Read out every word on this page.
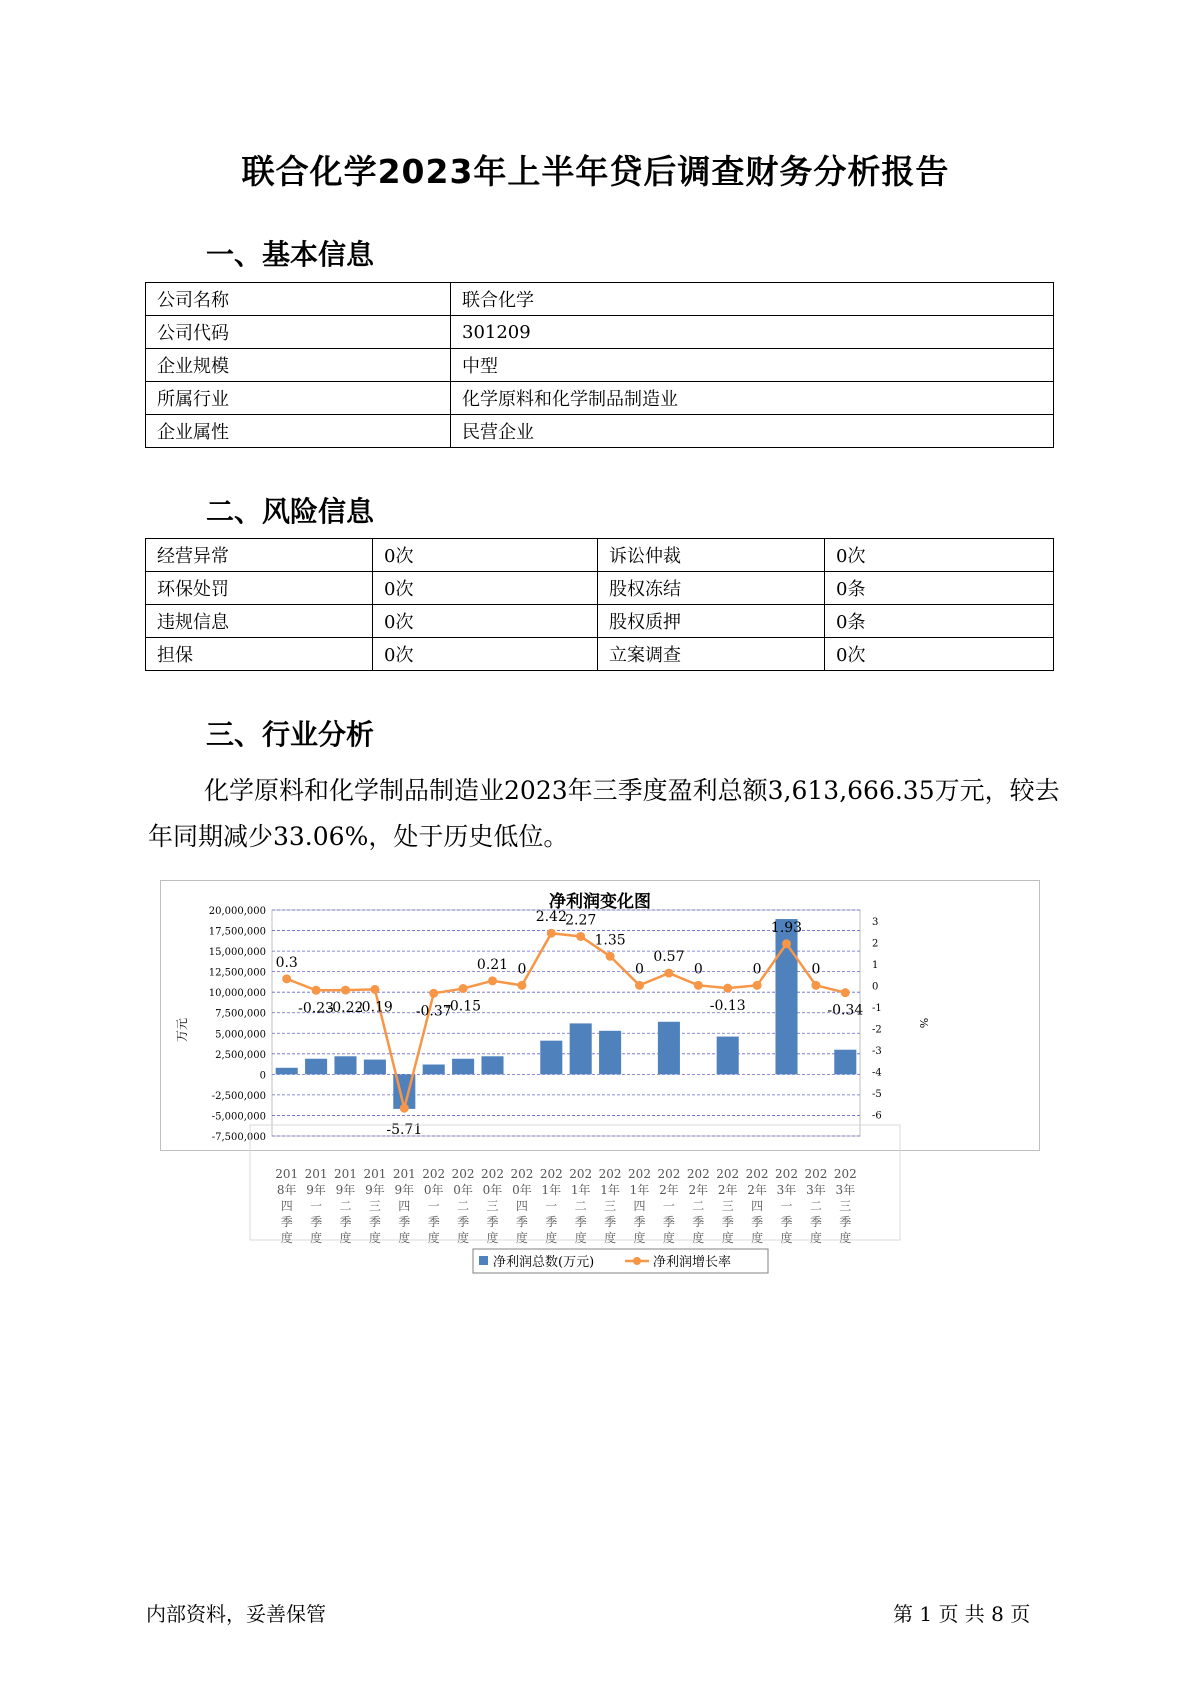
联合化学2023年上半年贷后调查财务分析报告
一、基本信息
公司名称	联合化学
公司代码	301209
企业规模	中型
所属行业	化学原料和化学制品制造业
企业属性	民营企业
二、风险信息
经营异常	0次	诉讼仲裁	0次
环保处罚	0次	股权冻结	0条
违规信息	0次	股权质押	0条
担保	0次	立案调查	0次
三、行业分析
化学原料和化学制品制造业2023年三季度盈利总额3,613,666.35万元，较去年同期减少33.06%，处于历史低位。
净利润变化图
20,000,000
17,500,000
15,000,000
12,500,000
10,000,000
7,500,000
5,000,000
2,500,000
0
-2,500,000
-5,000,000
-7,500,000
3
2
1
0
-1
-2
-3
-4
-5
-6
万元	%
0.3
-0.23
-0.22
-0.19
-5.71
-0.37
-0.15
0.21 0
2.42
2.27
1.35
0
0.57
0
-0.13
0
1.93
0
-0.34
201
8年
四
季
度
201
9年
一
季
度
201
9年
二
季
度
201
9年
三
季
度
201
9年
四
季
度
202
0年
一
季
度
202
0年
二
季
度
202
0年
三
季
度
202
0年
四
季
度
202
1年
一
季
度
202
1年
二
季
度
202
1年
三
季
度
202
1年
四
季
度
202
2年
一
季
度
202
2年
二
季
度
202
2年
三
季
度
202
2年
四
季
度
202
3年
一
季
度
202
3年
二
季
度
202
3年
三
季
度
净利润总数(万元)	净利润增长率
内部资料，妥善保管	第 1 页 共 8 页
